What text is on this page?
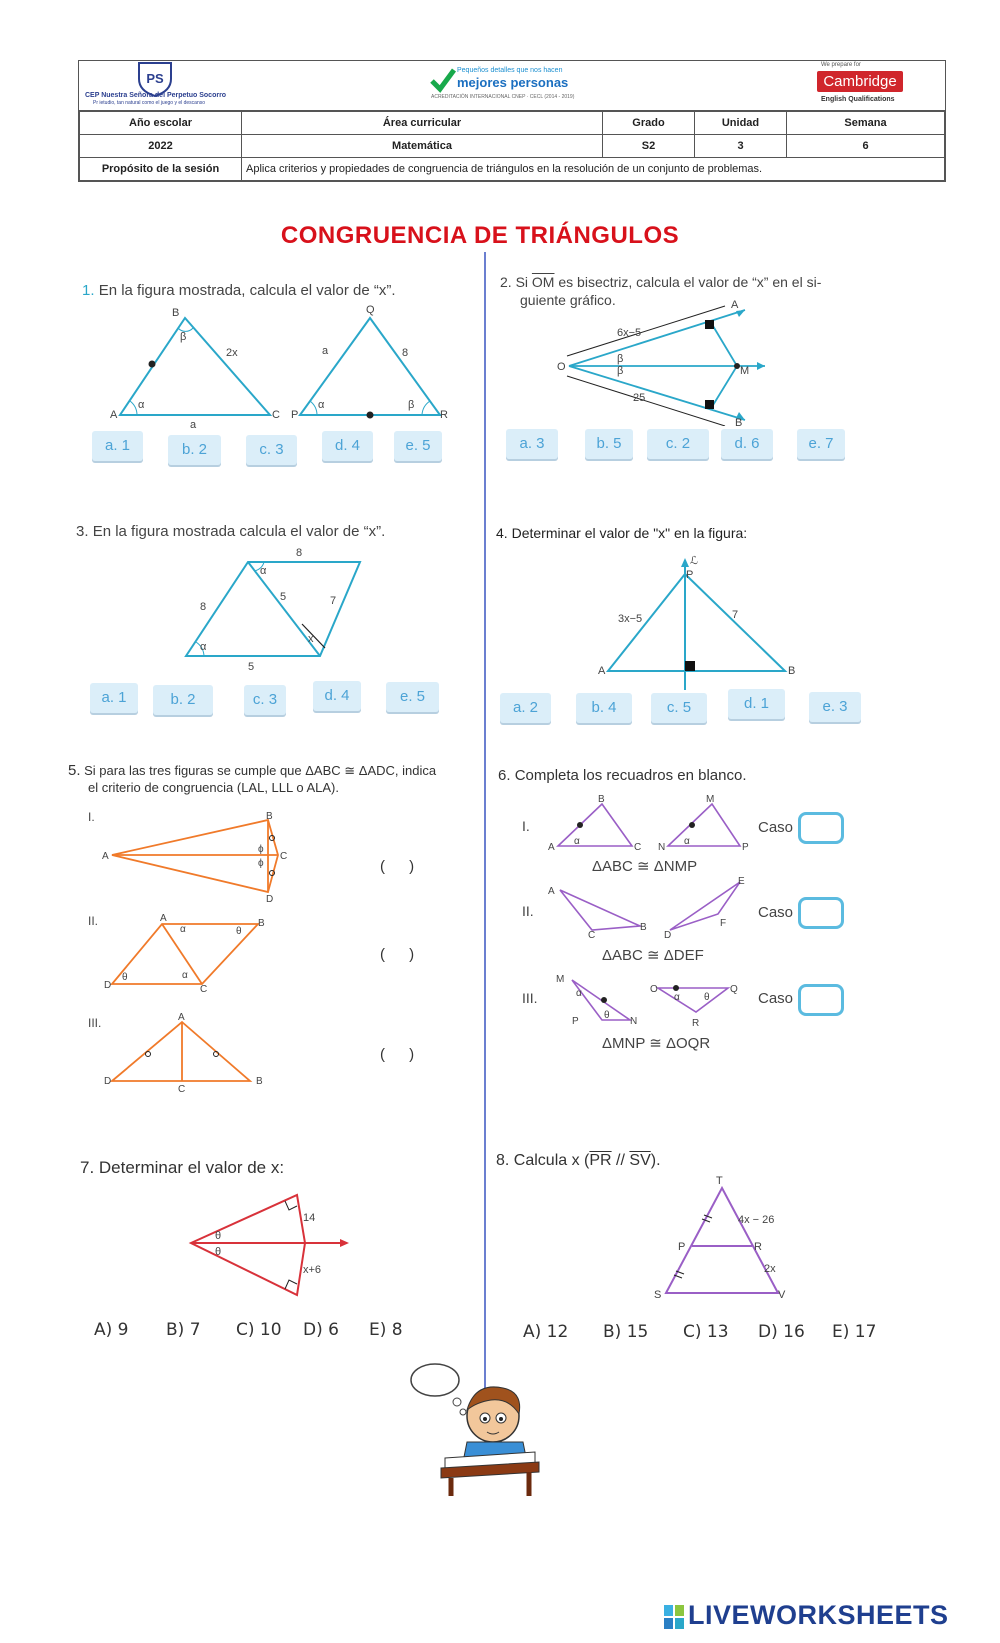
PS
CEP Nuestra Señora del Perpetuo Socorro
Pr ietudio, tan natural como el juego y el descanso
Pequeños detalles que nos hacen
mejores personas
ACREDITACIÓN INTERNACIONAL CNEP · CECL (2014 - 2019)
We prepare for
Cambridge
English Qualifications
Año escolar	Área curricular	Grado	Unidad	Semana
2022	Matemática	S2	3	6
Propósito de la sesión	Aplica criterios y propiedades de congruencia de triángulos en la resolución de un conjunto de problemas.			
CONGRUENCIA DE TRIÁNGULOS
1. En la figura mostrada, calcula el valor de “x”.
A
B
C
β
α
2x
a
P
Q
R
a	8
α	β
a. 1	b. 2	c. 3	d. 4	e. 5
2. Si $\overline{OM}$ es bisectriz, calcula el valor de “x” en el si-
guiente gráfico.
O
A
M
B
6x−5
25
β
β
a. 3	b. 5	c. 2	d. 6	e. 7
3. En la figura mostrada calcula el valor de “x”.
8
8
5	7
5
α
α
x
a. 1	b. 2	c. 3	d. 4	e. 5
4. Determinar el valor de "x" en la figura:
A	B
P
3x−5	7
ℒ
a. 2	b. 4	c. 5	d. 1	e. 3
5. Si para las tres figuras se cumple que ΔABC ≅ ΔADC, indica
el criterio de congruencia (LAL, LLL o ALA).
I.
II.
III.
A
B
C
D
ϕ
ϕ
A	B
D	C
α	θ
θ	α
A
D	B
C
( )
( )
( )
6. Completa los recuadros en blanco.
I.
II.
III.
A
B
C
α
N
M
P
α
A
B
C	D
E
F
M
P	N
α
θ
O	Q
R
α θ
ΔABC ≅ ΔNMP
ΔABC ≅ ΔDEF
ΔMNP ≅ ΔOQR
Caso
Caso
Caso
7. Determinar el valor de x:
14
x+6
θ
θ
A) 9 B) 7 C) 10 D) 6 E) 8
8. Calcula x $(\overline{PR} // \overline{SV})$.
T
P	R
S	V
4x − 26
2x
A) 12 B) 15 C) 13 D) 16 E) 17
LIVEWORKSHEETS
